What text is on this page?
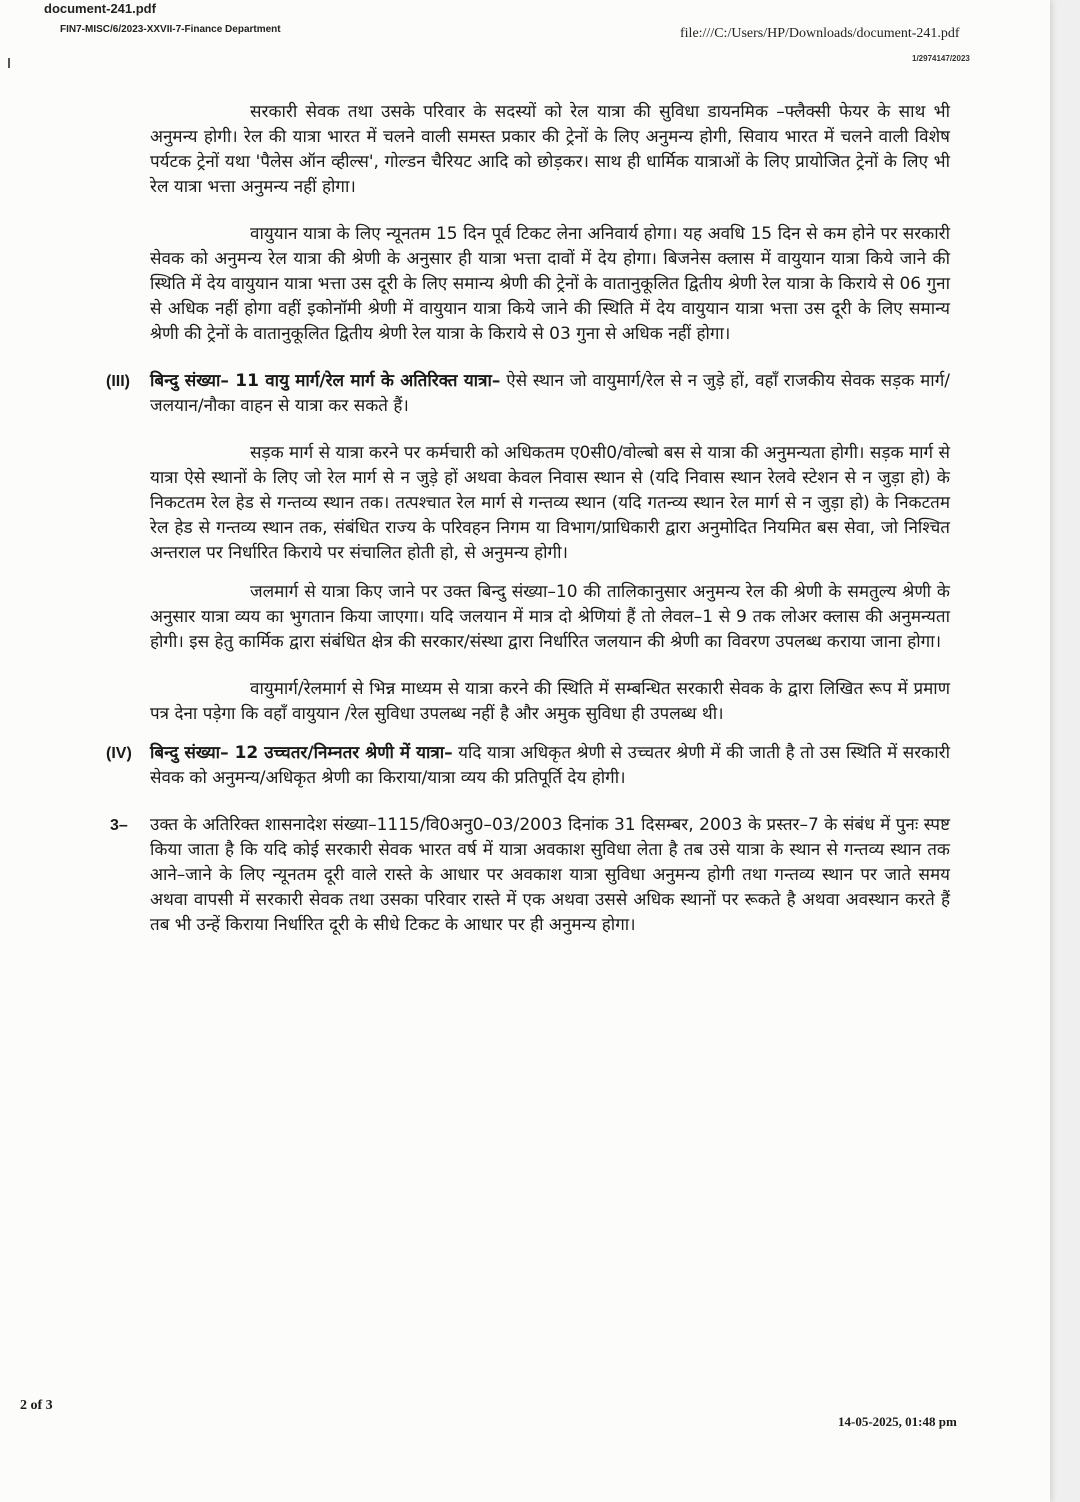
document-241.pdf
FIN7-MISC/6/2023-XXVII-7-Finance Department	file:///C:/Users/HP/Downloads/document-241.pdf
1/2974147/2023

सरकारी सेवक तथा उसके परिवार के सदस्यों को रेल यात्रा की सुविधा डायनमिक –फ्लैक्सी फेयर के साथ भी अनुमन्य होगी। रेल की यात्रा भारत में चलने वाली समस्त प्रकार की ट्रेनों के लिए अनुमन्य होगी, सिवाय भारत में चलने वाली विशेष पर्यटक ट्रेनों यथा 'पैलेस ऑन व्हील्स', गोल्डन चैरियट आदि को छोड़कर। साथ ही धार्मिक यात्राओं के लिए प्रायोजित ट्रेनों के लिए भी रेल यात्रा भत्ता अनुमन्य नहीं होगा।

वायुयान यात्रा के लिए न्यूनतम 15 दिन पूर्व टिकट लेना अनिवार्य होगा। यह अवधि 15 दिन से कम होने पर सरकारी सेवक को अनुमन्य रेल यात्रा की श्रेणी के अनुसार ही यात्रा भत्ता दावों में देय होगा। बिजनेस क्लास में वायुयान यात्रा किये जाने की स्थिति में देय वायुयान यात्रा भत्ता उस दूरी के लिए समान्य श्रेणी की ट्रेनों के वातानुकूलित द्वितीय श्रेणी रेल यात्रा के किराये से 06 गुना से अधिक नहीं होगा वहीं इकोनॉमी श्रेणी में वायुयान यात्रा किये जाने की स्थिति में देय वायुयान यात्रा भत्ता उस दूरी के लिए समान्य श्रेणी की ट्रेनों के वातानुकूलित द्वितीय श्रेणी रेल यात्रा के किराये से 03 गुना से अधिक नहीं होगा।

(III) बिन्दु संख्या– 11 वायु मार्ग/रेल मार्ग के अतिरिक्त यात्रा– ऐसे स्थान जो वायुमार्ग/रेल से न जुड़े हों, वहाँ राजकीय सेवक सड़क मार्ग/जलयान/नौका वाहन से यात्रा कर सकते हैं।

सड़क मार्ग से यात्रा करने पर कर्मचारी को अधिकतम ए0सी0/वोल्बो बस से यात्रा की अनुमन्यता होगी। सड़क मार्ग से यात्रा ऐसे स्थानों के लिए जो रेल मार्ग से न जुड़े हों अथवा केवल निवास स्थान से (यदि निवास स्थान रेलवे स्टेशन से न जुड़ा हो) के निकटतम रेल हेड से गन्तव्य स्थान तक। तत्पश्चात रेल मार्ग से गन्तव्य स्थान (यदि गतन्व्य स्थान रेल मार्ग से न जुड़ा हो) के निकटतम रेल हेड से गन्तव्य स्थान तक, संबंधित राज्य के परिवहन निगम या विभाग/प्राधिकारी द्वारा अनुमोदित नियमित बस सेवा, जो निश्चित अन्तराल पर निर्धारित किराये पर संचालित होती हो, से अनुमन्य होगी।

जलमार्ग से यात्रा किए जाने पर उक्त बिन्दु संख्या–10 की तालिकानुसार अनुमन्य रेल की श्रेणी के समतुल्य श्रेणी के अनुसार यात्रा व्यय का भुगतान किया जाएगा। यदि जलयान में मात्र दो श्रेणियां हैं तो लेवल–1 से 9 तक लोअर क्लास की अनुमन्यता होगी। इस हेतु कार्मिक द्वारा संबंधित क्षेत्र की सरकार/संस्था द्वारा निर्धारित जलयान की श्रेणी का विवरण उपलब्ध कराया जाना होगा।

वायुमार्ग/रेलमार्ग से भिन्न माध्यम से यात्रा करने की स्थिति में सम्बन्धित सरकारी सेवक के द्वारा लिखित रूप में प्रमाण पत्र देना पड़ेगा कि वहाँ वायुयान /रेल सुविधा उपलब्ध नहीं है और अमुक सुविधा ही उपलब्ध थी।

(IV) बिन्दु संख्या– 12 उच्चतर/निम्नतर श्रेणी में यात्रा– यदि यात्रा अधिकृत श्रेणी से उच्चतर श्रेणी में की जाती है तो उस स्थिति में सरकारी सेवक को अनुमन्य/अधिकृत श्रेणी का किराया/यात्रा व्यय की प्रतिपूर्ति देय होगी।

3– उक्त के अतिरिक्त शासनादेश संख्या–1115/वि0अनु0–03/2003 दिनांक 31 दिसम्बर, 2003 के प्रस्तर–7 के संबंध में पुनः स्पष्ट किया जाता है कि यदि कोई सरकारी सेवक भारत वर्ष में यात्रा अवकाश सुविधा लेता है तब उसे यात्रा के स्थान से गन्तव्य स्थान तक आने–जाने के लिए न्यूनतम दूरी वाले रास्ते के आधार पर अवकाश यात्रा सुविधा अनुमन्य होगी तथा गन्तव्य स्थान पर जाते समय अथवा वापसी में सरकारी सेवक तथा उसका परिवार रास्ते में एक अथवा उससे अधिक स्थानों पर रूकते है अथवा अवस्थान करते हैं तब भी उन्हें किराया निर्धारित दूरी के सीधे टिकट के आधार पर ही अनुमन्य होगा।

2 of 3
14-05-2025, 01:48 pm
